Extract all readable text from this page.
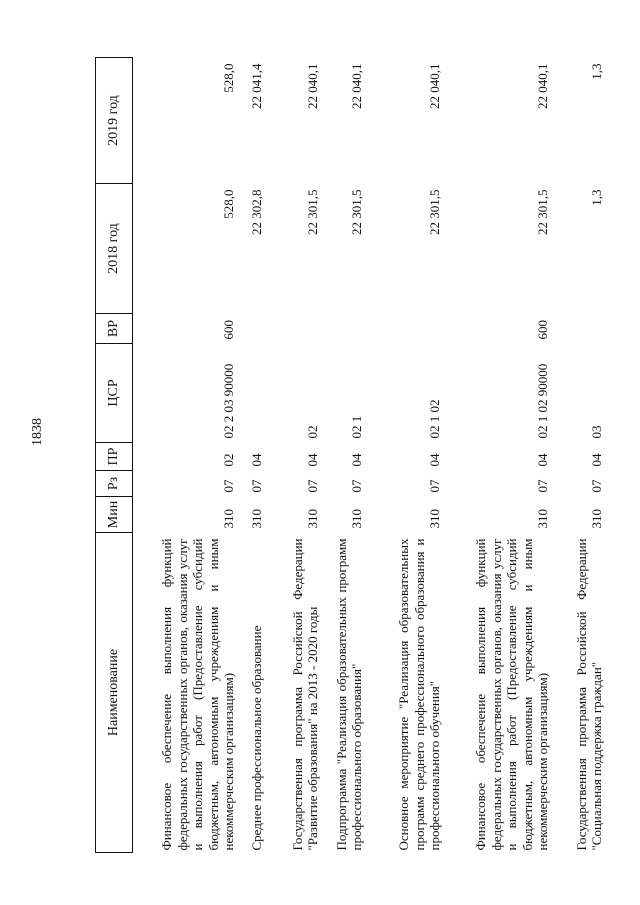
1838
Наименование	Мин	Рз	ПР	ЦСР	ВР	2018 год	2019 год
Финансовое обеспечение выполнения функций федеральных государственных органов, оказания услуг и выполнения работ (Предоставление субсидий бюджетным, автономным учреждениям и иным некоммерческим организациям)	310	07	02	02 2 03 90000	600	528,0	528,0
Среднее профессиональное образование	310	07	04			22 302,8	22 041,4
Государственная программа Российской Федерации "Развитие образования" на 2013 - 2020 годы	310	07	04	02		22 301,5	22 040,1
Подпрограмма "Реализация образовательных программ профессионального образования"	310	07	04	02 1		22 301,5	22 040,1
Основное мероприятие "Реализация образовательных программ среднего профессионального образования и профессионального обучения"	310	07	04	02 1 02		22 301,5	22 040,1
Финансовое обеспечение выполнения функций федеральных государственных органов, оказания услуг и выполнения работ (Предоставление субсидий бюджетным, автономным учреждениям и иным некоммерческим организациям)	310	07	04	02 1 02 90000	600	22 301,5	22 040,1
Государственная программа Российской Федерации "Социальная поддержка граждан"	310	07	04	03		1,3	1,3
